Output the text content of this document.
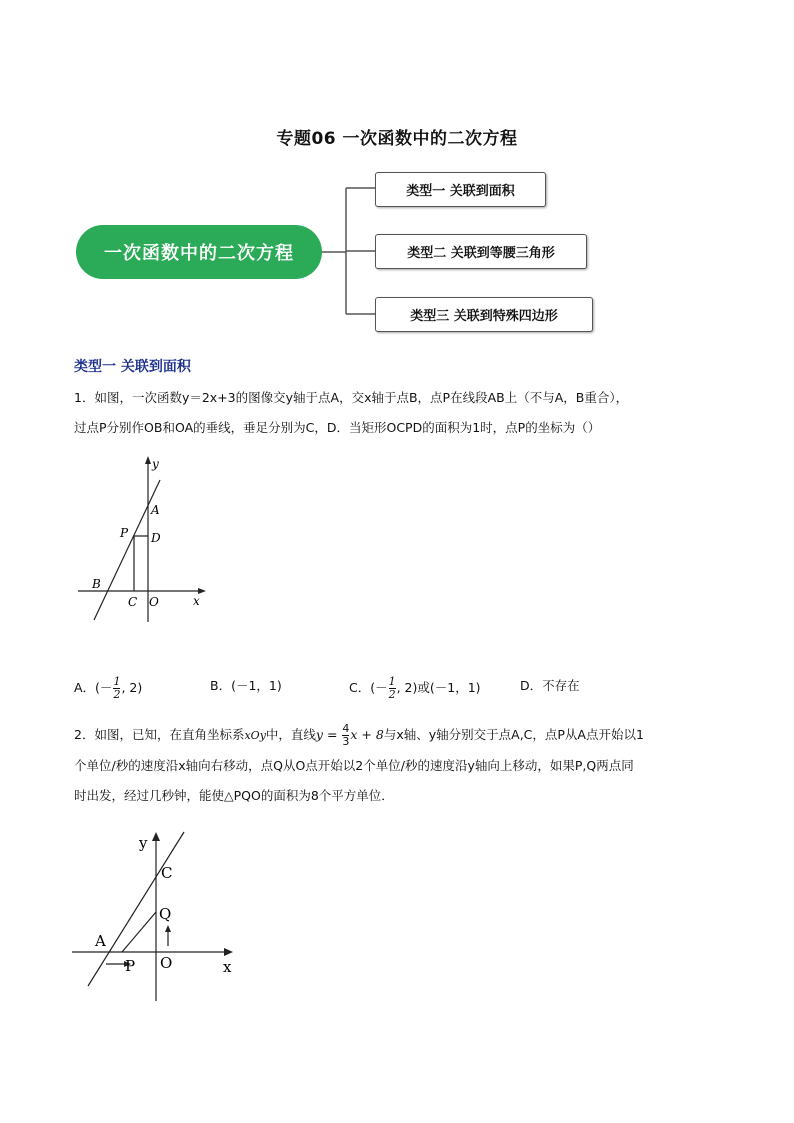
专题06 一次函数中的二次方程
一次函数中的二次方程
类型一 关联到面积
类型二 关联到等腰三角形
类型三 关联到特殊四边形
类型一 关联到面积
1．如图，一次函数y＝2x+3的图像交y轴于点A，交x轴于点B，点P在线段AB上（不与A，B重合），
过点P分别作OB和OA的垂线，垂足分别为C，D．当矩形OCPD的面积为1时，点P的坐标为（）
y
x
A
P D
B
C O
A．(－ $\frac{1}{2}$ , 2)	B．(－1，1)	C．(－ $\frac{1}{2}$ , 2)或(－1，1)	D．不存在
2．如图，已知，在直角坐标系xOy中，直线$y = \frac{4}{3}$ x + 8与x轴、y轴分别交于点A,C，点P从A点开始以1
个单位/秒的速度沿x轴向右移动，点Q从O点开始以2个单位/秒的速度沿y轴向上移动，如果P,Q两点同
时出发，经过几秒钟，能使△PQO的面积为8个平方单位．
y
x
C
Q
A
P O
